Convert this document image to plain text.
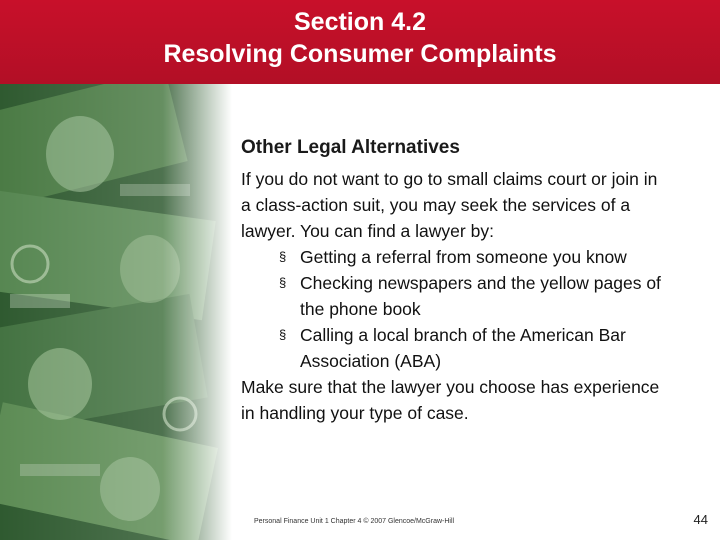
Section 4.2
Resolving Consumer Complaints
Other Legal Alternatives
If you do not want to go to small claims court or join in a class-action suit, you may seek the services of a lawyer. You can find a lawyer by:
§ Getting a referral from someone you know
§ Checking newspapers and the yellow pages of the phone book
§ Calling a local branch of the American Bar Association (ABA)
Make sure that the lawyer you choose has experience in handling your type of case.
Personal Finance Unit 1 Chapter 4 © 2007 Glencoe/McGraw-Hill	44
